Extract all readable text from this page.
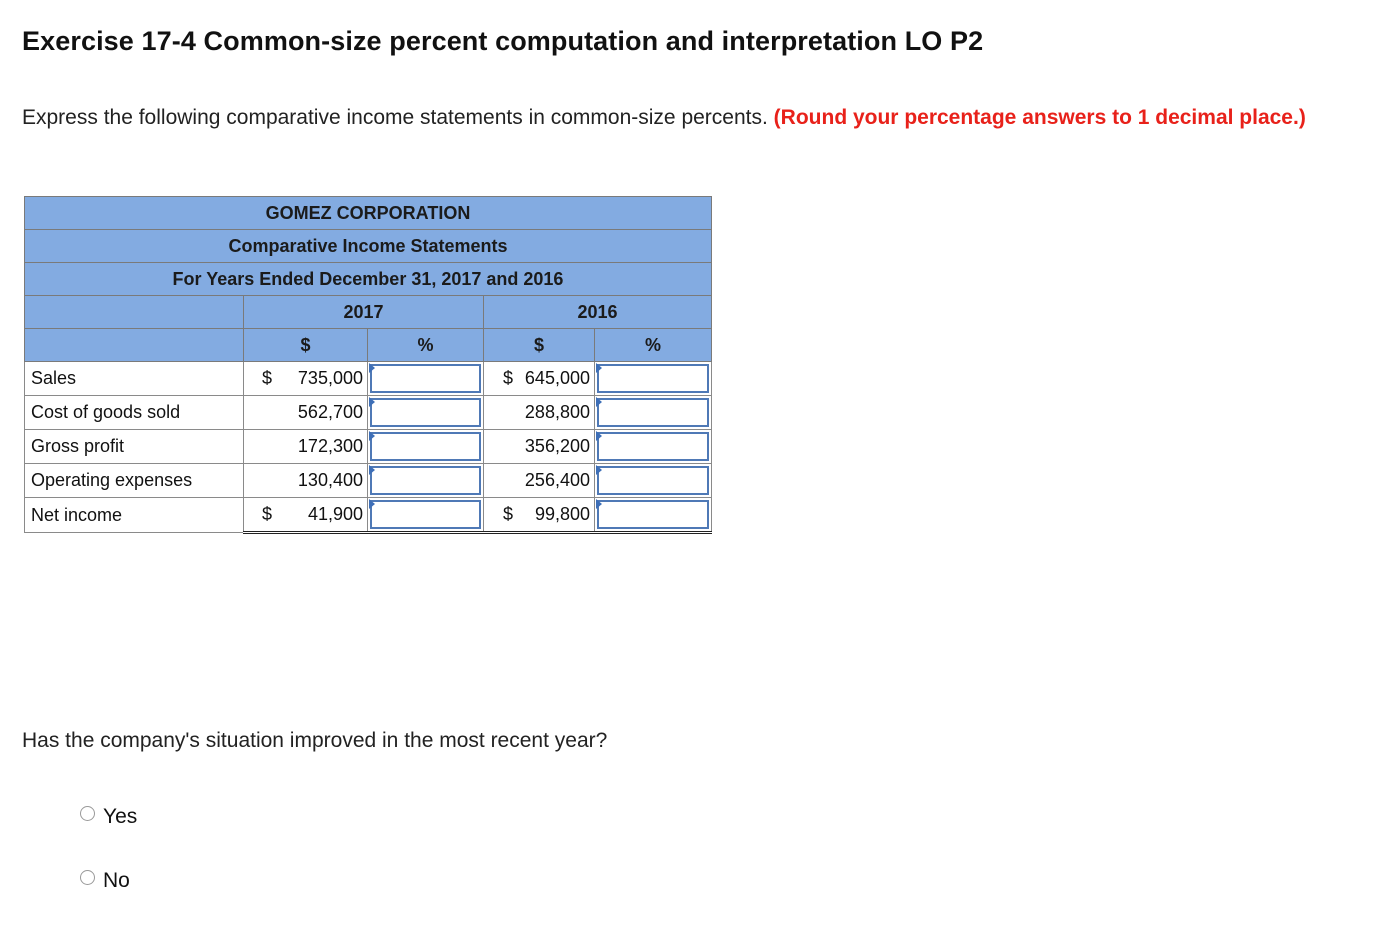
Exercise 17-4 Common-size percent computation and interpretation LO P2
Express the following comparative income statements in common-size percents. (Round your percentage answers to 1 decimal place.)
GOMEZ CORPORATION				
Comparative Income Statements				
For Years Ended December 31, 2017 and 2016				
	2017		2016	
	$	%	$	%
Sales	$ 735,000		$ 645,000	

Cost of goods sold	562,700		288,800	

Gross profit	172,300		356,200	

Operating expenses	130,400		256,400	

Net income	$ 41,900		$ 99,800	
Has the company's situation improved in the most recent year?
Yes
No
